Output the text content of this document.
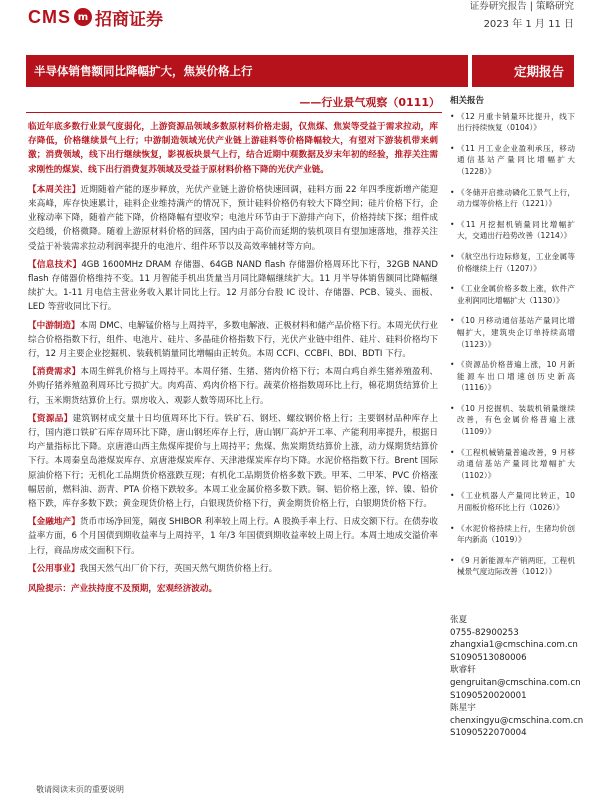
CMS m 招商证券
证券研究报告 | 策略研究
2023 年 1 月 11 日
半导体销售额同比降幅扩大，焦炭价格上行	定期报告
——行业景气观察（0111）

临近年底多数行业景气度弱化，上游资源品领域多数原材料价格走弱，仅焦煤、焦炭等受益于需求拉动，库存降低，价格继续景气上行；中游制造领域光伏产业链上游硅料等价格降幅较大，有望对下游装机带来刺激；消费领域，线下出行继续恢复，影视板块景气上行，结合近期中观数据及岁末年初的经验，推荐关注需求刚性的煤炭、线下出行消费复苏领域及受益于原材料价格下降的光伏产业链。

【本周关注】近期随着产能的逐步释放，光伏产业链上游价格快速回调，硅料方面 22 年四季度新增产能迎来高峰，库存快速累计，硅料企业维持满产的情况下，预计硅料价格仍有较大下降空间；硅片价格下行，企业稼动率下降，随着产能下降，价格降幅有望收窄；电池片环节由于下游排产向下，价格持续下探；组件成交趋缓，价格微降。随着上游原材料价格的回落，国内由于高价而延期的装机项目有望加速落地，推荐关注受益于补装需求拉动利润率提升的电池片、组件环节以及高效率辅材等方向。

【信息技术】4GB 1600MHz DRAM 存储器、64GB NAND flash 存储器价格周环比下行，32GB NAND flash 存储器价格维持不变。11 月智能手机出货量当月同比降幅继续扩大。11 月半导体销售额同比降幅继续扩大。1-11 月电信主营业务收入累计同比上行。12 月部分台股 IC 设计、存储器、PCB、镜头、面板、LED 等营收同比下行。

【中游制造】本周 DMC、电解锰价格与上周持平，多数电解液、正极材料和储产品价格下行。本周光伏行业综合价格指数下行，组件、电池片、硅片、多晶硅价格指数下行，光伏产业链中组件、硅片、硅料价格均下行，12 月主要企业挖掘机、装载机销量同比增幅由正转负。本周 CCFI、CCBFI、BDI、BDTI 下行。

【消费需求】本周生鲜乳价格与上周持平。本周仔猪、生猪、猪肉价格下行；本周白鸡自养生猪养殖盈利、外购仔猪养殖盈利周环比亏损扩大。肉鸡苗、鸡肉价格下行。蔬菜价格指数周环比上行，棉花期货结算价上行，玉米期货结算价上行。票房收入、观影人数等周环比上行。

【资源品】建筑钢材成交量十日均值周环比下行。铁矿石、钢坯、螺纹钢价格上行；主要钢材品种库存上行，国内港口铁矿石库存周环比下降，唐山钢坯库存上行，唐山钢厂高炉开工率、产能利用率提升，根据日均产量指标比下降。京唐港山西主焦煤库提价与上周持平；焦煤、焦炭期货结算价上涨，动力煤期货结算价下行。本周秦皇岛港煤炭库存、京唐港煤炭库存、天津港煤炭库存均下降。水泥价格指数下行。Brent 国际原油价格下行；无机化工品期货价格涨跌互现；有机化工品期货价格多数下跌。甲苯、二甲苯、PVC 价格涨幅居前，燃料油、沥青、PTA 价格下跌较多。本周工业金属价格多数下跌。铜、铝价格上涨，锌、镍、铅价格下跌，库存多数下跌；黄金现货价格上行，白银现货价格下行，黄金期货价格上行，白银期货价格下行。

【金融地产】货币市场净回笼，隔夜 SHIBOR 利率较上周上行。A 股换手率上行、日成交额下行。在债券收益率方面，6 个月国债到期收益率与上周持平，1 年/3 年国债到期收益率较上周上行。本周土地成交溢价率上行，商品房成交面积下行。

【公用事业】我国天然气出厂价下行，英国天然气期货价格上行。

风险提示：产业扶持度不及预期，宏观经济波动。

相关报告
• 《12 月重卡销量环比提升，线下出行持续恢复（0104）》
• 《11 月工业企业盈利承压，移动通信基站产量同比增幅扩大（1228）》
• 《冬储开启推动磷化工景气上行，动力煤等价格上行（1221）》
• 《11 月挖掘机销量同比增幅扩大，交通出行趋势改善（1214）》
• 《航空出行边际修复，工业金属等价格继续上行（1207）》
• 《工业金属价格多数上涨，软件产业利润同比增幅扩大（1130）》
• 《10 月移动通信基站产量同比增幅扩大，建筑央企订单持续高增（1123）》
• 《资源品价格普遍上涨，10 月新能源车出口增速创历史新高（1116）》
• 《10 月挖掘机、装载机销量继续改善，有色金属价格普遍上涨（1109）》
• 《工程机械销量普遍改善，9 月移动通信基站产量同比增幅扩大（1102）》
• 《工业机器人产量同比转正，10 月面板价格环比上行（1026）》
• 《水泥价格持续上行，生猪均价创年内新高（1019）》
• 《9 月新能源车产销两旺，工程机械景气度边际改善（1012）》
张夏
0755-82900253
zhangxia1@cmschina.com.cn
S1090513080006
耿睿轩
gengruitan@cmschina.com.cn
S1090520020001
陈星宇
chenxingyu@cmschina.com.cn
S1090522070004
敬请阅读末页的重要说明
